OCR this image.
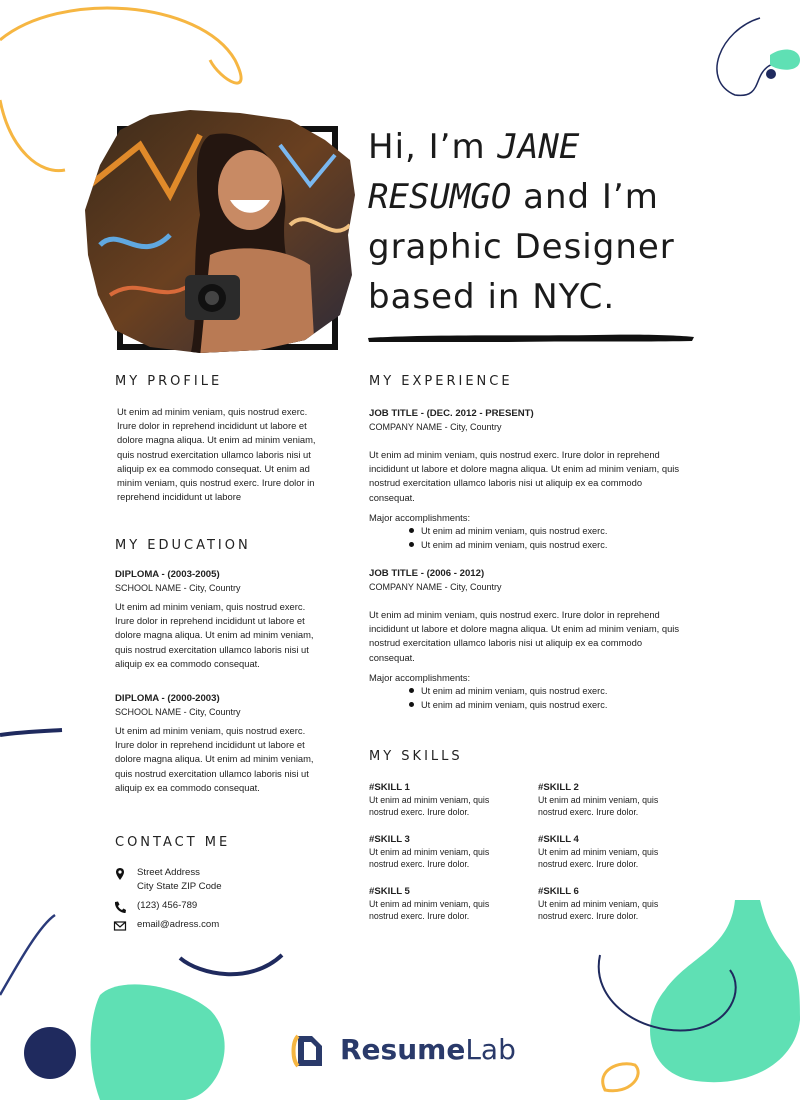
Hi, I’m JANE
RESUMGO and I’m
graphic Designer
based in NYC.
MY PROFILE
Ut enim ad minim veniam, quis nostrud exerc. Irure dolor in reprehend incididunt ut labore et dolore magna aliqua. Ut enim ad minim veniam, quis nostrud exercitation ullamco laboris nisi ut aliquip ex ea commodo consequat. Ut enim ad minim veniam, quis nostrud exerc. Irure dolor in reprehend incididunt ut labore
MY EDUCATION

DIPLOMA - (2003-2005)

SCHOOL NAME - City, Country

Ut enim ad minim veniam, quis nostrud exerc. Irure dolor in reprehend incididunt ut labore et dolore magna aliqua. Ut enim ad minim veniam, quis nostrud exercitation ullamco laboris nisi ut aliquip ex ea commodo consequat.

DIPLOMA - (2000-2003)

SCHOOL NAME - City, Country

Ut enim ad minim veniam, quis nostrud exerc. Irure dolor in reprehend incididunt ut labore et dolore magna aliqua. Ut enim ad minim veniam, quis nostrud exercitation ullamco laboris nisi ut aliquip ex ea commodo consequat.
CONTACT ME
Street Address
City State ZIP Code
(123) 456-789
email@adress.com
MY EXPERIENCE

JOB TITLE - (DEC. 2012 - PRESENT)

COMPANY NAME - City, Country

Ut enim ad minim veniam, quis nostrud exerc. Irure dolor in reprehend incididunt ut labore et dolore magna aliqua. Ut enim ad minim veniam, quis nostrud exercitation ullamco laboris nisi ut aliquip ex ea commodo consequat.
Major accomplishments:
Ut enim ad minim veniam, quis nostrud exerc.
Ut enim ad minim veniam, quis nostrud exerc.

JOB TITLE - (2006 - 2012)

COMPANY NAME - City, Country

Ut enim ad minim veniam, quis nostrud exerc. Irure dolor in reprehend incididunt ut labore et dolore magna aliqua. Ut enim ad minim veniam, quis nostrud exercitation ullamco laboris nisi ut aliquip ex ea commodo consequat.
Major accomplishments:
Ut enim ad minim veniam, quis nostrud exerc.
Ut enim ad minim veniam, quis nostrud exerc.
MY SKILLS
#SKILL 1
Ut enim ad minim veniam, quis nostrud exerc. Irure dolor.
#SKILL 2
Ut enim ad minim veniam, quis nostrud exerc. Irure dolor.
#SKILL 3
Ut enim ad minim veniam, quis nostrud exerc. Irure dolor.
#SKILL 4
Ut enim ad minim veniam, quis nostrud exerc. Irure dolor.
#SKILL 5
Ut enim ad minim veniam, quis nostrud exerc. Irure dolor.
#SKILL 6
Ut enim ad minim veniam, quis nostrud exerc. Irure dolor.
ResumeLab
